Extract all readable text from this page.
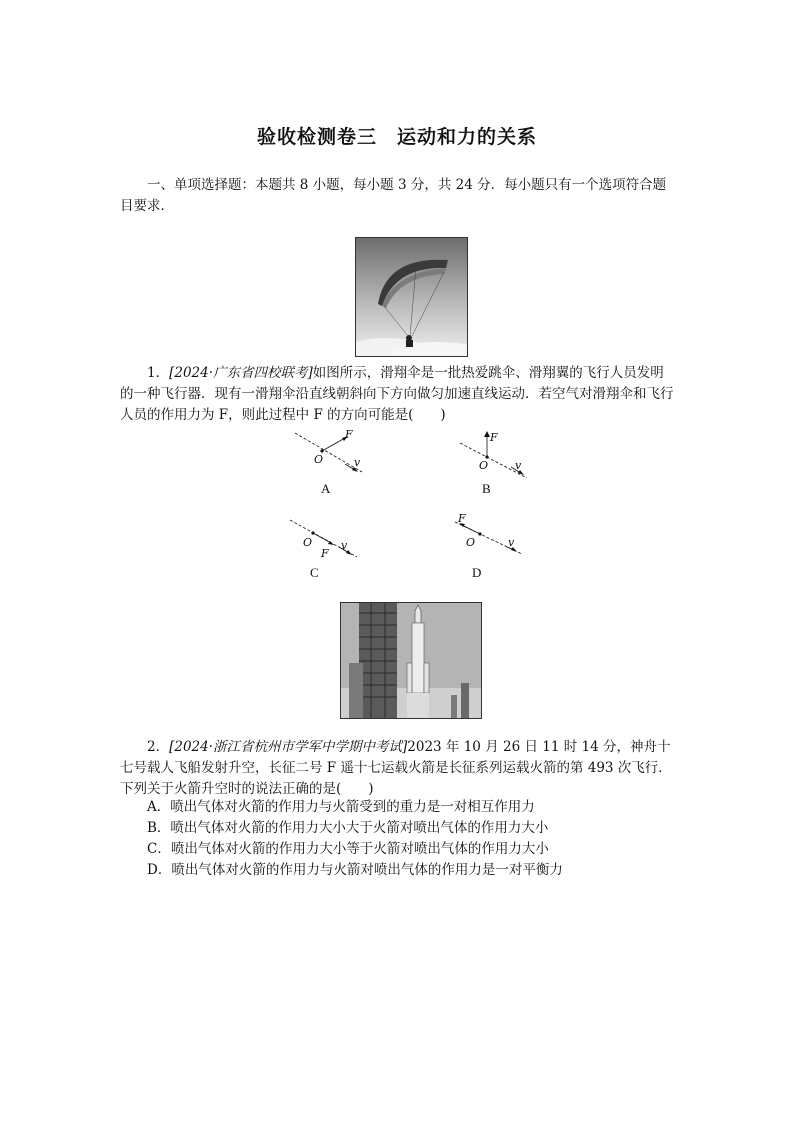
验收检测卷三　运动和力的关系
一、单项选择题：本题共 8 小题，每小题 3 分，共 24 分．每小题只有一个选项符合题目要求．
1．[2024·广东省四校联考]如图所示，滑翔伞是一批热爱跳伞、滑翔翼的飞行人员发明的一种飞行器．现有一滑翔伞沿直线朝斜向下方向做匀加速直线运动．若空气对滑翔伞和飞行人员的作用力为 F，则此过程中 F 的方向可能是(　　)
F
O	v
A
F
O v
B
O
F
v
C
F
O	v
D
2．[2024·浙江省杭州市学军中学期中考试]2023 年 10 月 26 日 11 时 14 分，神舟十七号载人飞船发射升空，长征二号 F 遥十七运载火箭是长征系列运载火箭的第 493 次飞行．下列关于火箭升空时的说法正确的是(　　)
A．喷出气体对火箭的作用力与火箭受到的重力是一对相互作用力
B．喷出气体对火箭的作用力大小大于火箭对喷出气体的作用力大小
C．喷出气体对火箭的作用力大小等于火箭对喷出气体的作用力大小
D．喷出气体对火箭的作用力与火箭对喷出气体的作用力是一对平衡力
